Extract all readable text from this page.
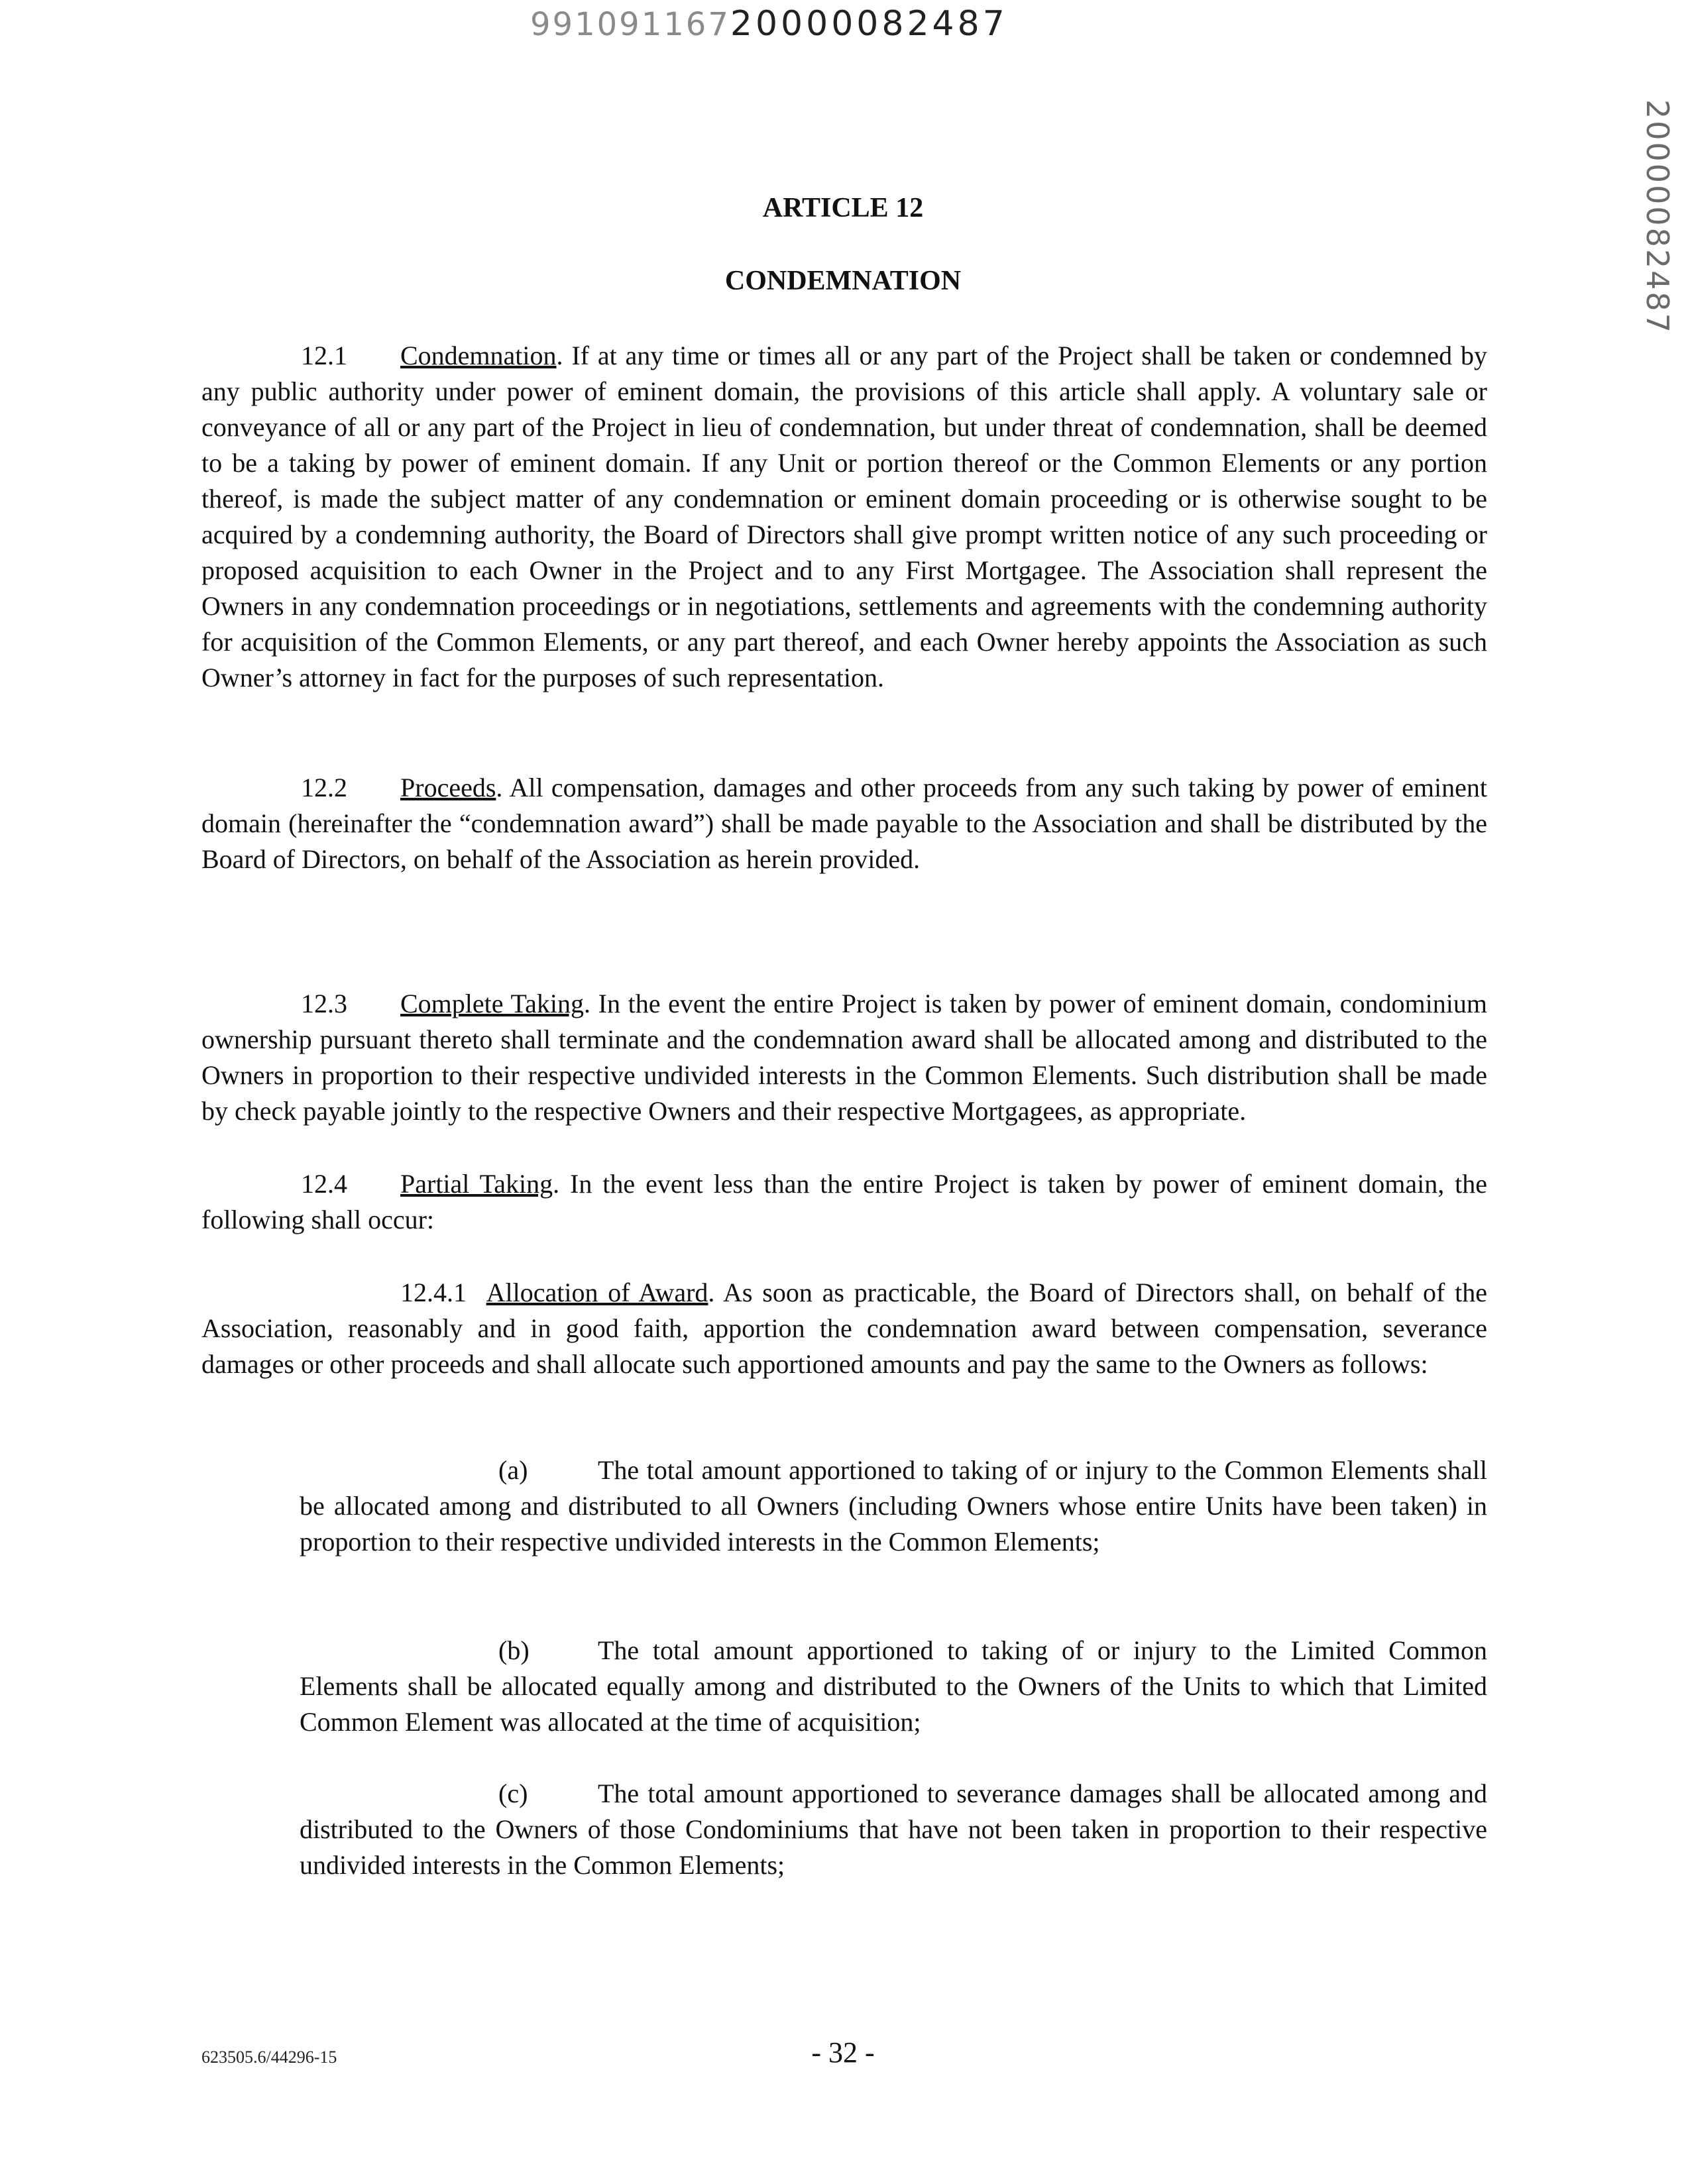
99109116720000082487
20000082487
ARTICLE 12
CONDEMNATION
12.1 Condemnation. If at any time or times all or any part of the Project shall be taken or condemned by any public authority under power of eminent domain, the provisions of this article shall apply. A voluntary sale or conveyance of all or any part of the Project in lieu of condemnation, but under threat of condemnation, shall be deemed to be a taking by power of eminent domain. If any Unit or portion thereof or the Common Elements or any portion thereof, is made the subject matter of any condemnation or eminent domain proceeding or is otherwise sought to be acquired by a condemning authority, the Board of Directors shall give prompt written notice of any such proceeding or proposed acquisition to each Owner in the Project and to any First Mortgagee. The Association shall represent the Owners in any condemnation proceedings or in negotiations, settlements and agreements with the condemning authority for acquisition of the Common Elements, or any part thereof, and each Owner hereby appoints the Association as such Owner’s attorney in fact for the purposes of such representation.
12.2 Proceeds. All compensation, damages and other proceeds from any such taking by power of eminent domain (hereinafter the “condemnation award”) shall be made payable to the Association and shall be distributed by the Board of Directors, on behalf of the Association as herein provided.
12.3 Complete Taking. In the event the entire Project is taken by power of eminent domain, condominium ownership pursuant thereto shall terminate and the condemnation award shall be allocated among and distributed to the Owners in proportion to their respective undivided interests in the Common Elements. Such distribution shall be made by check payable jointly to the respective Owners and their respective Mortgagees, as appropriate.
12.4 Partial Taking. In the event less than the entire Project is taken by power of eminent domain, the following shall occur:
12.4.1 Allocation of Award. As soon as practicable, the Board of Directors shall, on behalf of the Association, reasonably and in good faith, apportion the condemnation award between compensation, severance damages or other proceeds and shall allocate such apportioned amounts and pay the same to the Owners as follows:
(a)	The total amount apportioned to taking of or injury to the Common Elements shall be allocated among and distributed to all Owners (including Owners whose entire Units have been taken) in proportion to their respective undivided interests in the Common Elements;
(b)	The total amount apportioned to taking of or injury to the Limited Common Elements shall be allocated equally among and distributed to the Owners of the Units to which that Limited Common Element was allocated at the time of acquisition;
(c)	The total amount apportioned to severance damages shall be allocated among and distributed to the Owners of those Condominiums that have not been taken in proportion to their respective undivided interests in the Common Elements;
623505.6/44296-15	- 32 -
